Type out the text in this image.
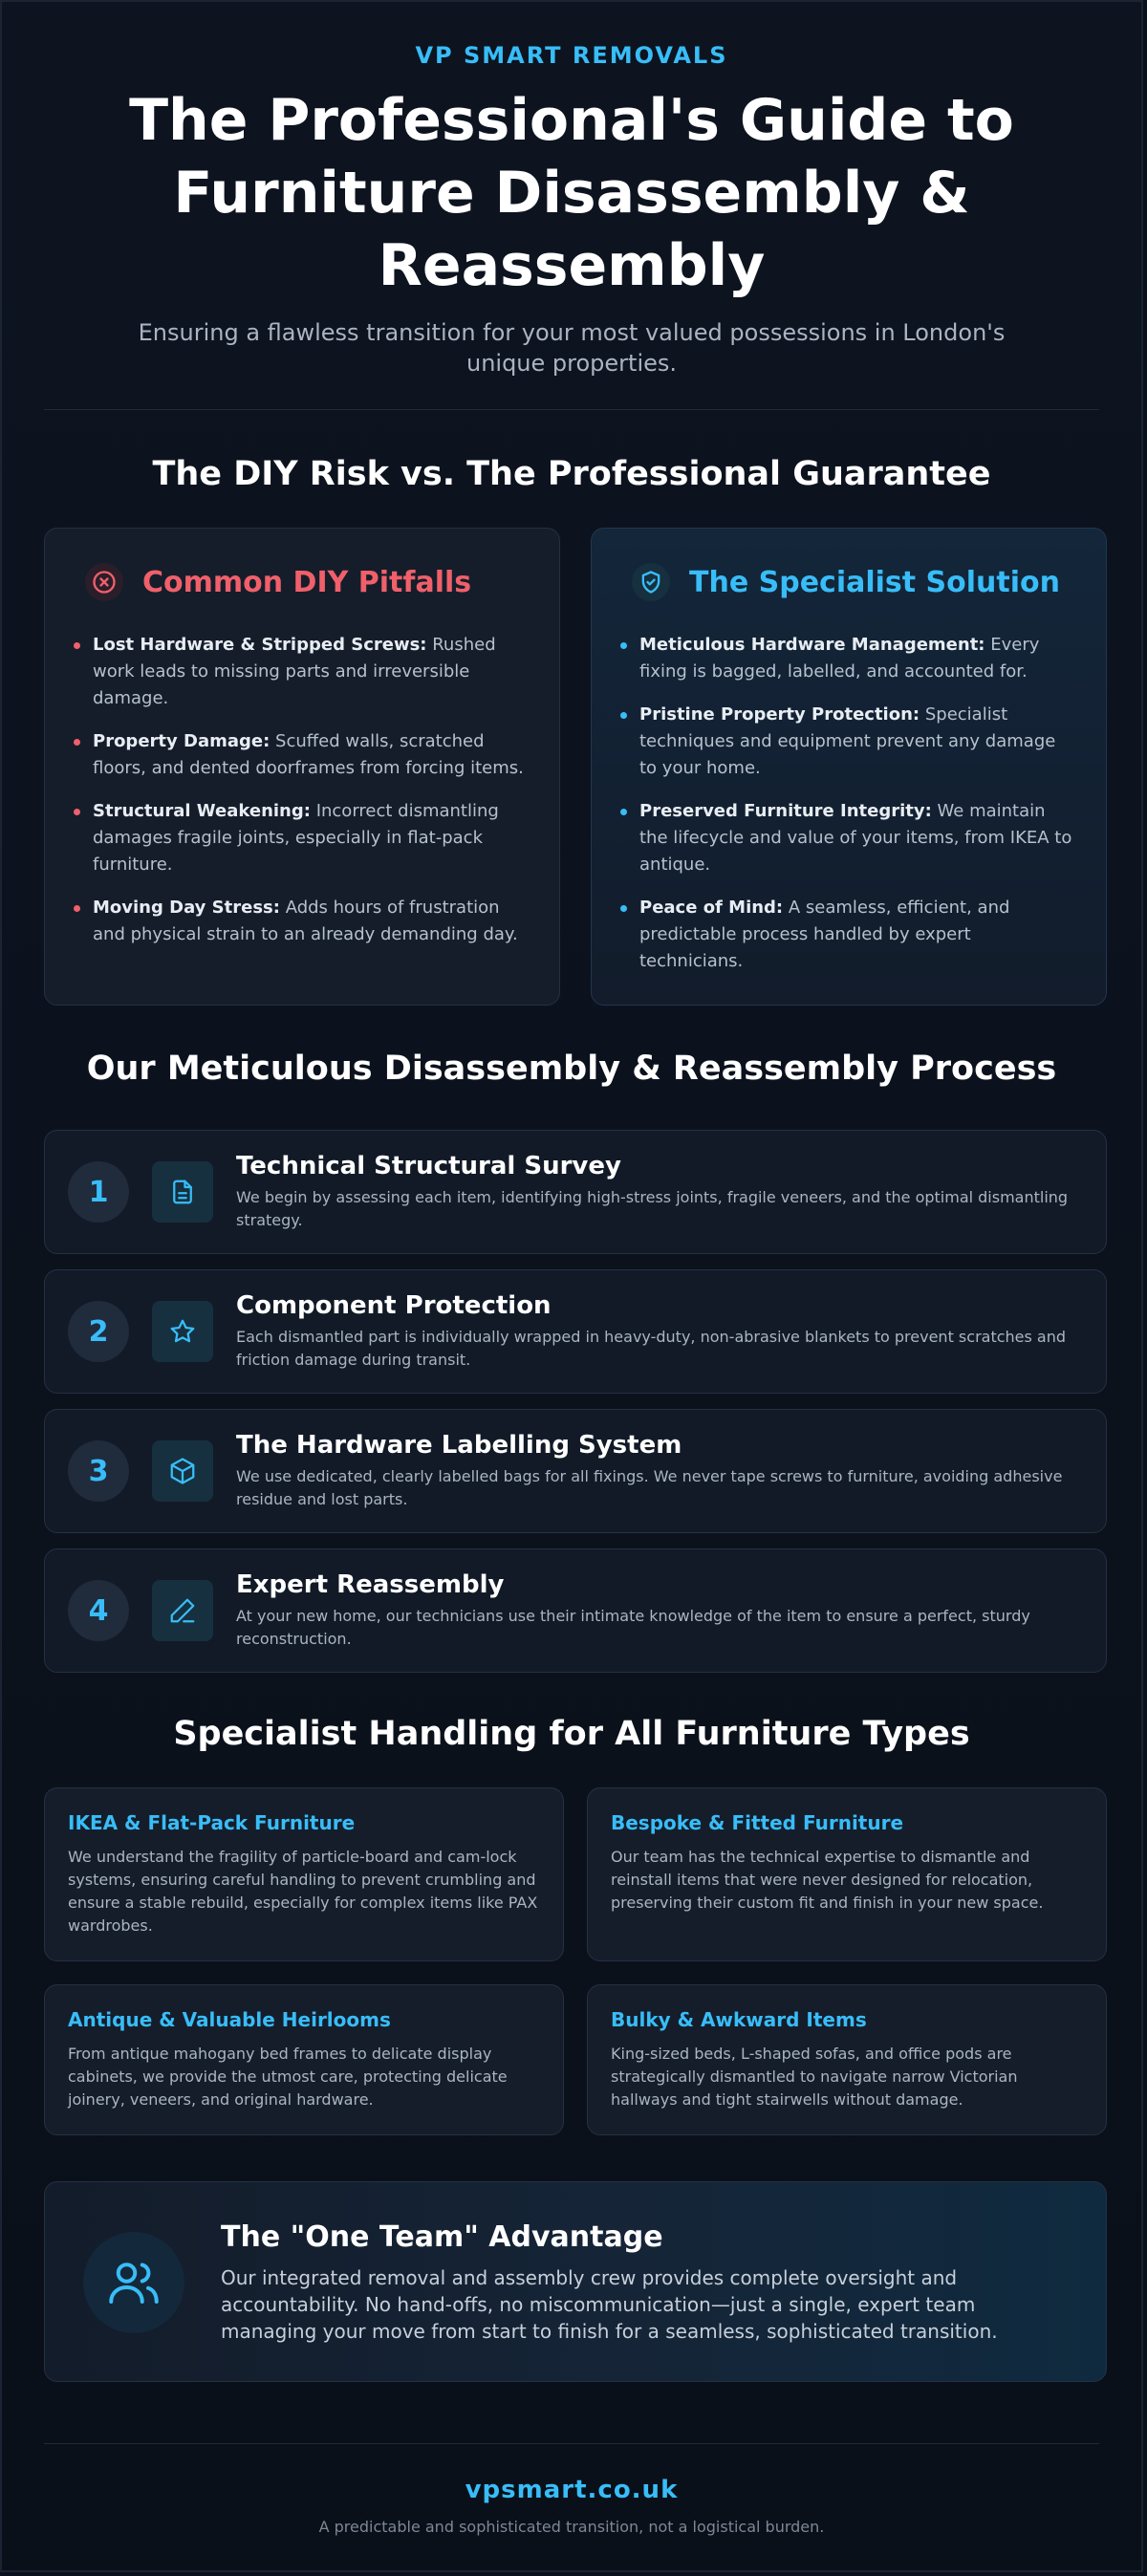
VP SMART REMOVALS
The Professional's Guide to Furniture Disassembly & Reassembly
Ensuring a flawless transition for your most valued possessions in London's unique properties.
The DIY Risk vs. The Professional Guarantee
Common DIY Pitfalls
Lost Hardware & Stripped Screws: Rushed work leads to missing parts and irreversible damage.
Property Damage: Scuffed walls, scratched floors, and dented doorframes from forcing items.
Structural Weakening: Incorrect dismantling damages fragile joints, especially in flat-pack furniture.
Moving Day Stress: Adds hours of frustration and physical strain to an already demanding day.
The Specialist Solution
Meticulous Hardware Management: Every fixing is bagged, labelled, and accounted for.
Pristine Property Protection: Specialist techniques and equipment prevent any damage to your home.
Preserved Furniture Integrity: We maintain the lifecycle and value of your items, from IKEA to antique.
Peace of Mind: A seamless, efficient, and predictable process handled by expert technicians.
Our Meticulous Disassembly & Reassembly Process
1
Technical Structural Survey
We begin by assessing each item, identifying high-stress joints, fragile veneers, and the optimal dismantling strategy.
2
Component Protection
Each dismantled part is individually wrapped in heavy-duty, non-abrasive blankets to prevent scratches and friction damage during transit.
3
The Hardware Labelling System
We use dedicated, clearly labelled bags for all fixings. We never tape screws to furniture, avoiding adhesive residue and lost parts.
4
Expert Reassembly
At your new home, our technicians use their intimate knowledge of the item to ensure a perfect, sturdy reconstruction.
Specialist Handling for All Furniture Types
IKEA & Flat-Pack Furniture
We understand the fragility of particle-board and cam-lock systems, ensuring careful handling to prevent crumbling and ensure a stable rebuild, especially for complex items like PAX wardrobes.
Bespoke & Fitted Furniture
Our team has the technical expertise to dismantle and reinstall items that were never designed for relocation, preserving their custom fit and finish in your new space.
Antique & Valuable Heirlooms
From antique mahogany bed frames to delicate display cabinets, we provide the utmost care, protecting delicate joinery, veneers, and original hardware.
Bulky & Awkward Items
King-sized beds, L-shaped sofas, and office pods are strategically dismantled to navigate narrow Victorian hallways and tight stairwells without damage.
The "One Team" Advantage
Our integrated removal and assembly crew provides complete oversight and accountability. No hand-offs, no miscommunication—just a single, expert team managing your move from start to finish for a seamless, sophisticated transition.
vpsmart.co.uk
A predictable and sophisticated transition, not a logistical burden.
